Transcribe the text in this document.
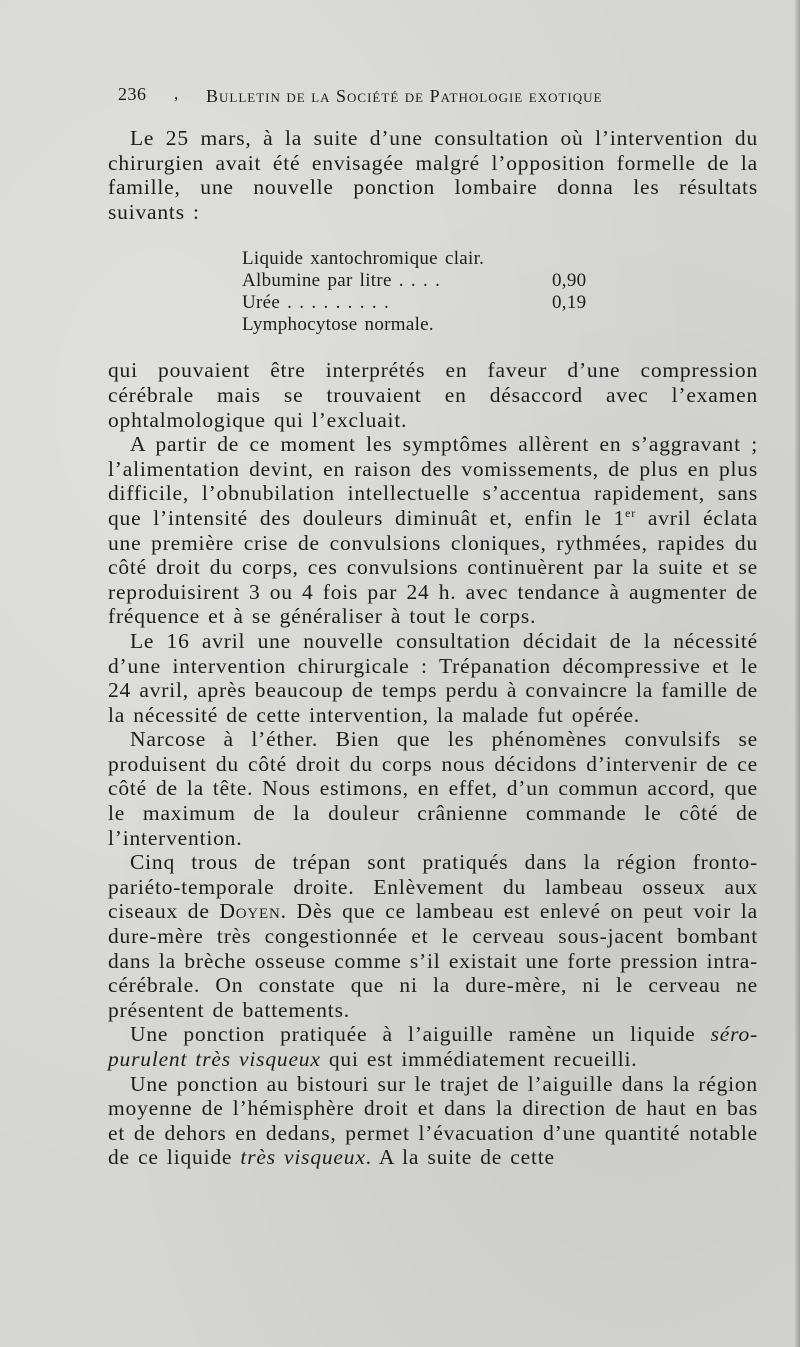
236 , Bulletin de la Société de Pathologie exotique

Le 25 mars, à la suite d’une consultation où l’intervention du chirurgien avait été envisagée malgré l’opposition formelle de la famille, une nouvelle ponction lombaire donna les résultats suivants :

Liquide xantochromique clair.
Albumine par litre . . . .	0,90
Urée . . . . . . . . .	0,19
Lymphocytose normale.

qui pouvaient être interprétés en faveur d’une compression cérébrale mais se trouvaient en désaccord avec l’examen ophtalmologique qui l’excluait.

A partir de ce moment les symptômes allèrent en s’aggravant ; l’alimentation devint, en raison des vomissements, de plus en plus difficile, l’obnubilation intellectuelle s’accentua rapidement, sans que l’intensité des douleurs diminuât et, enfin le 1er avril éclata une première crise de convulsions cloniques, rythmées, rapides du côté droit du corps, ces convulsions continuèrent par la suite et se reproduisirent 3 ou 4 fois par 24 h. avec tendance à augmenter de fréquence et à se généraliser à tout le corps.

Le 16 avril une nouvelle consultation décidait de la nécessité d’une intervention chirurgicale : Trépanation décompressive et le 24 avril, après beaucoup de temps perdu à convaincre la famille de la nécessité de cette intervention, la malade fut opérée.

Narcose à l’éther. Bien que les phénomènes convulsifs se produisent du côté droit du corps nous décidons d’intervenir de ce côté de la tête. Nous estimons, en effet, d’un commun accord, que le maximum de la douleur crânienne commande le côté de l’intervention.

Cinq trous de trépan sont pratiqués dans la région fronto-pariéto-temporale droite. Enlèvement du lambeau osseux aux ciseaux de Doyen. Dès que ce lambeau est enlevé on peut voir la dure-mère très congestionnée et le cerveau sous-jacent bombant dans la brèche osseuse comme s’il existait une forte pression intra-cérébrale. On constate que ni la dure-mère, ni le cerveau ne présentent de battements.

Une ponction pratiquée à l’aiguille ramène un liquide séro-purulent très visqueux qui est immédiatement recueilli.

Une ponction au bistouri sur le trajet de l’aiguille dans la région moyenne de l’hémisphère droit et dans la direction de haut en bas et de dehors en dedans, permet l’évacuation d’une quantité notable de ce liquide très visqueux. A la suite de cette
